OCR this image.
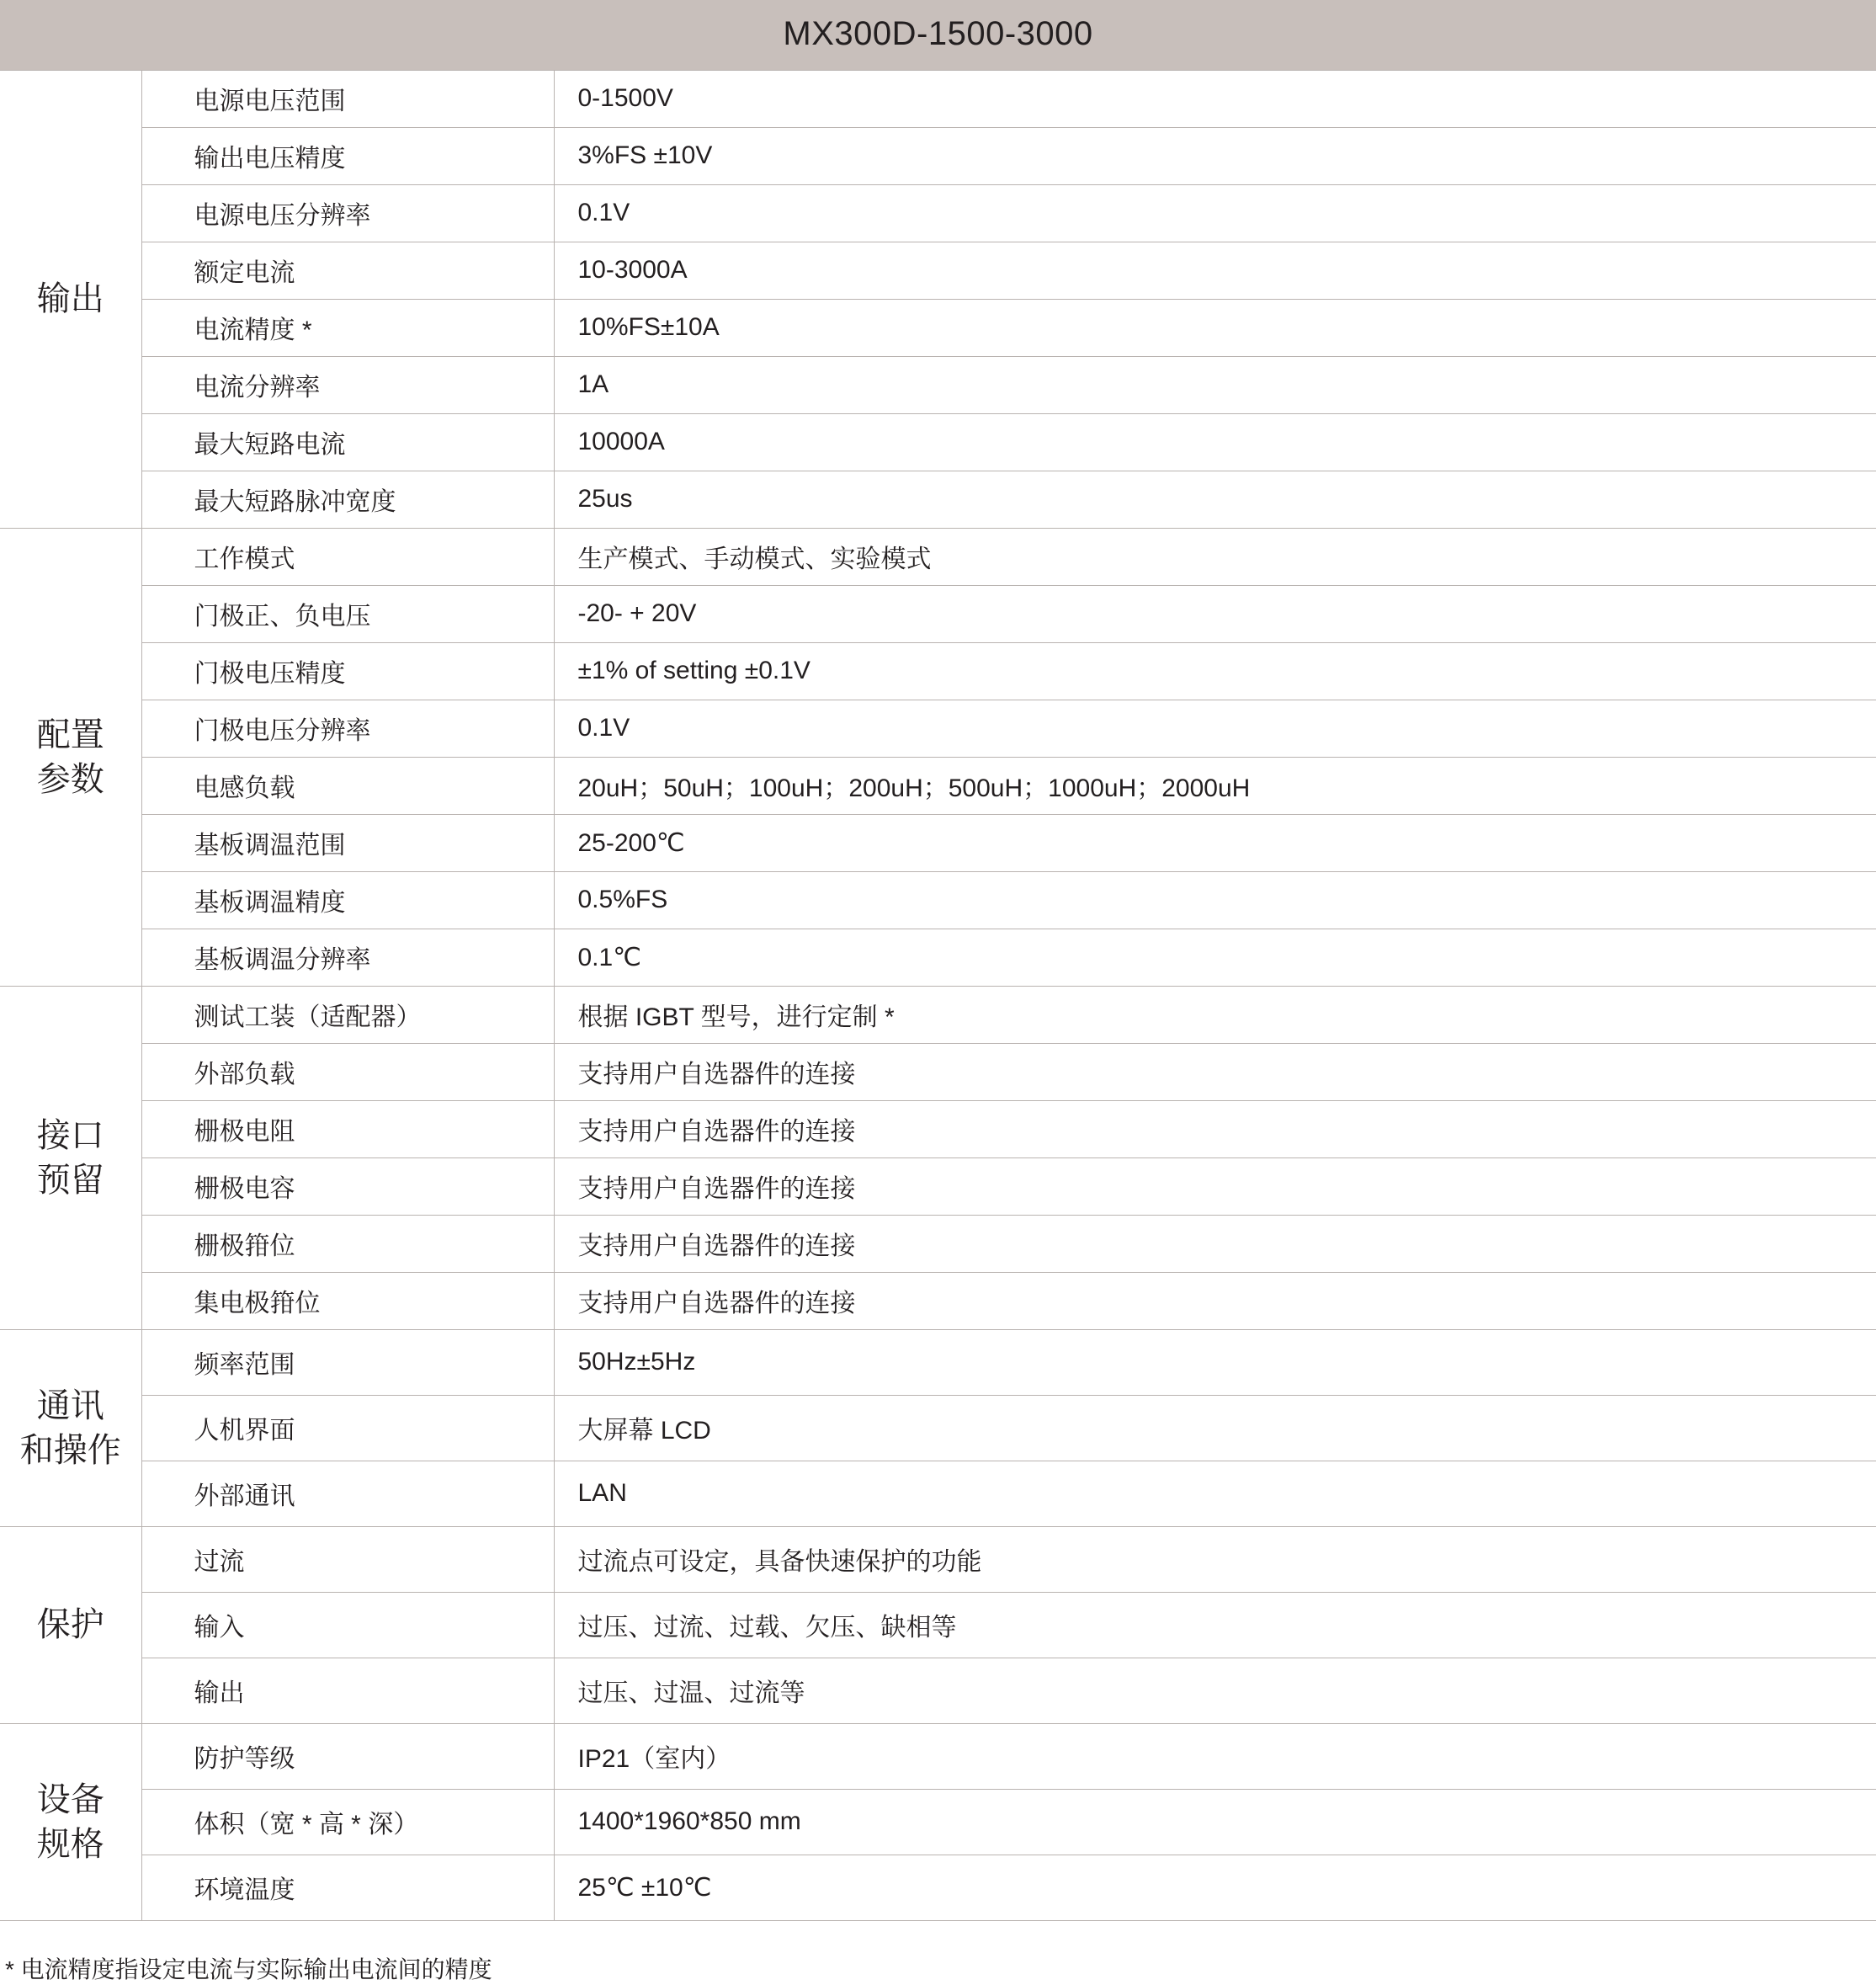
MX300D-1500-3000		

输出	电源电压范围	0-1500V
	输出电压精度	3%FS ±10V
	电源电压分辨率	0.1V
	额定电流	10-3000A
	电流精度 *	10%FS±10A
	电流分辨率	1A
	最大短路电流	10000A
	最大短路脉冲宽度	25us

配置
参数	工作模式	生产模式、手动模式、实验模式
	门极正、负电压	-20- + 20V
	门极电压精度	±1% of setting ±0.1V
	门极电压分辨率	0.1V
	电感负载	20uH；50uH；100uH；200uH；500uH；1000uH；2000uH
	基板调温范围	25-200℃
	基板调温精度	0.5%FS
	基板调温分辨率	0.1℃

接口
预留	测试工装（适配器）	根据 IGBT 型号，进行定制 *
	外部负载	支持用户自选器件的连接
	栅极电阻	支持用户自选器件的连接
	栅极电容	支持用户自选器件的连接
	栅极箝位	支持用户自选器件的连接
	集电极箝位	支持用户自选器件的连接

通讯
和操作	频率范围	50Hz±5Hz
	人机界面	大屏幕 LCD
	外部通讯	LAN

保护	过流	过流点可设定，具备快速保护的功能
	输入	过压、过流、过载、欠压、缺相等
	输出	过压、过温、过流等

设备
规格	防护等级	IP21（室内）
	体积（宽 * 高 * 深）	1400*1960*850 mm
	环境温度	25℃ ±10℃
* 电流精度指设定电流与实际输出电流间的精度
